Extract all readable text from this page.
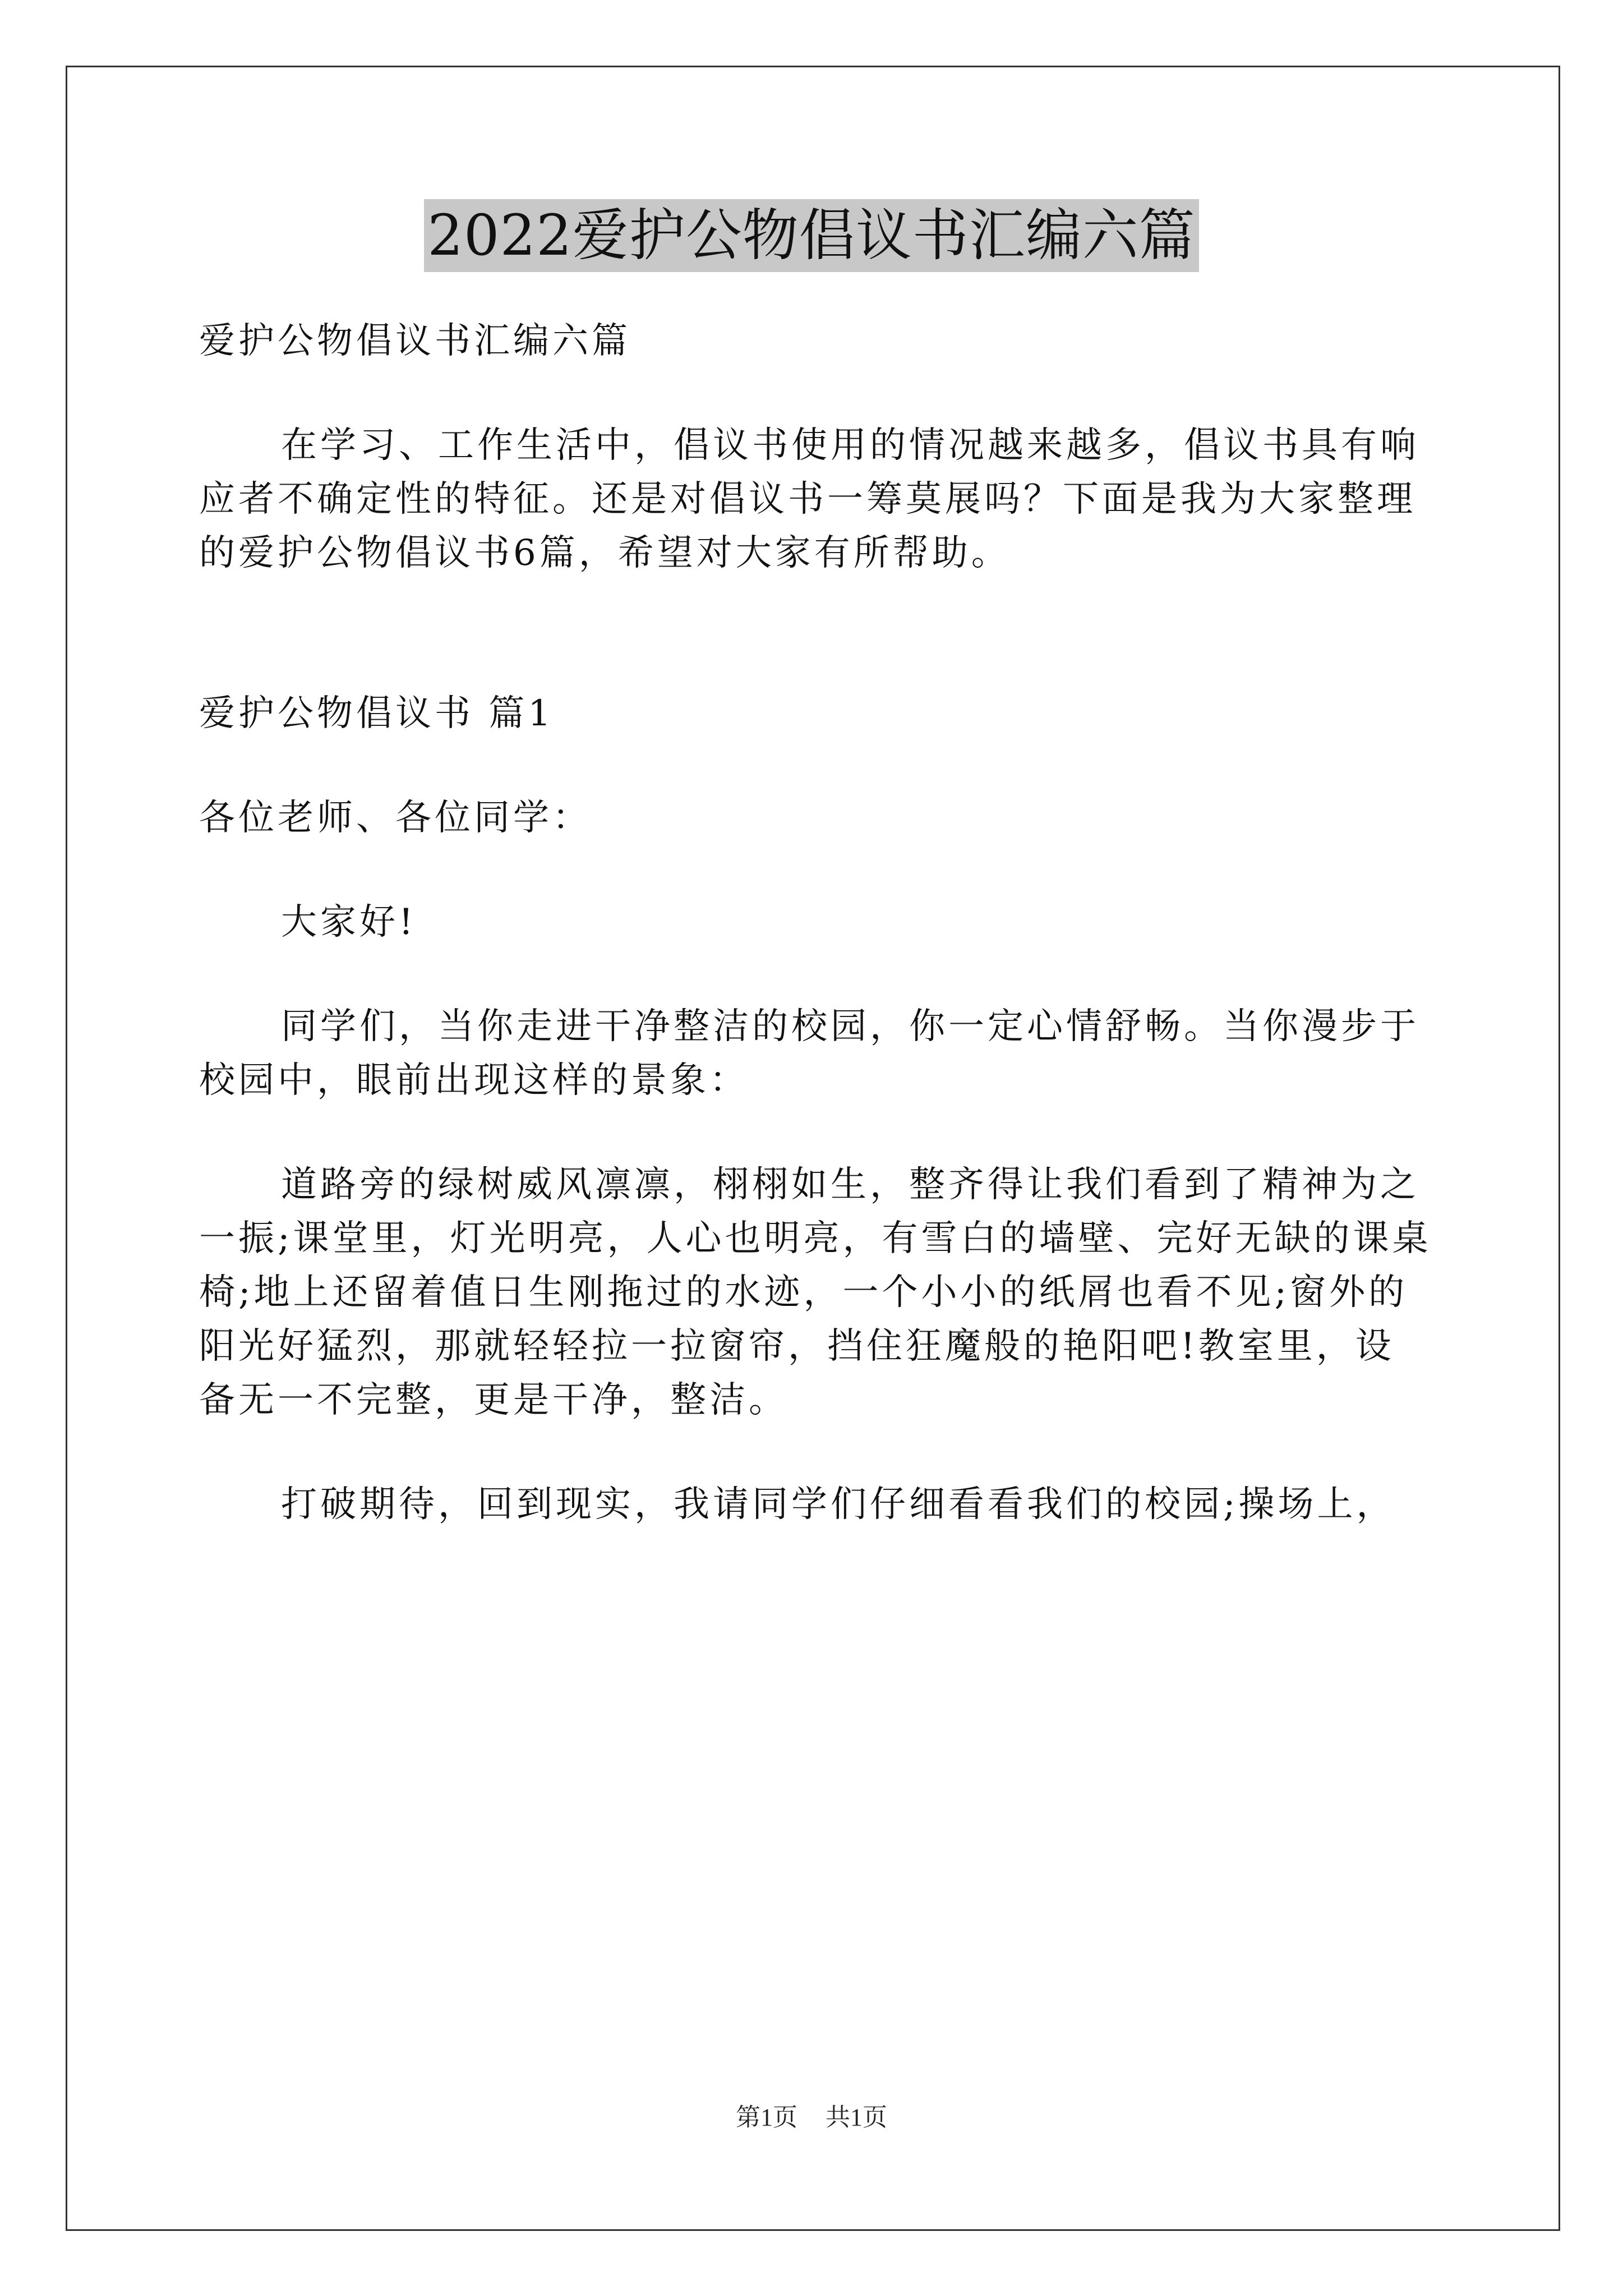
2022爱护公物倡议书汇编六篇

爱护公物倡议书汇编六篇

在学习、工作生活中，倡议书使用的情况越来越多，倡议书具有响应者不确定性的特征。还是对倡议书一筹莫展吗？下面是我为大家整理的爱护公物倡议书6篇，希望对大家有所帮助。

爱护公物倡议书 篇1

各位老师、各位同学：

大家好!

同学们，当你走进干净整洁的校园，你一定心情舒畅。当你漫步于校园中，眼前出现这样的景象：

道路旁的绿树威风凛凛，栩栩如生，整齐得让我们看到了精神为之一振;课堂里，灯光明亮，人心也明亮，有雪白的墙壁、完好无缺的课桌椅;地上还留着值日生刚拖过的水迹，一个小小的纸屑也看不见;窗外的阳光好猛烈，那就轻轻拉一拉窗帘，挡住狂魔般的艳阳吧!教室里，设备无一不完整，更是干净，整洁。

打破期待，回到现实，我请同学们仔细看看我们的校园;操场上，

第1页 共1页
